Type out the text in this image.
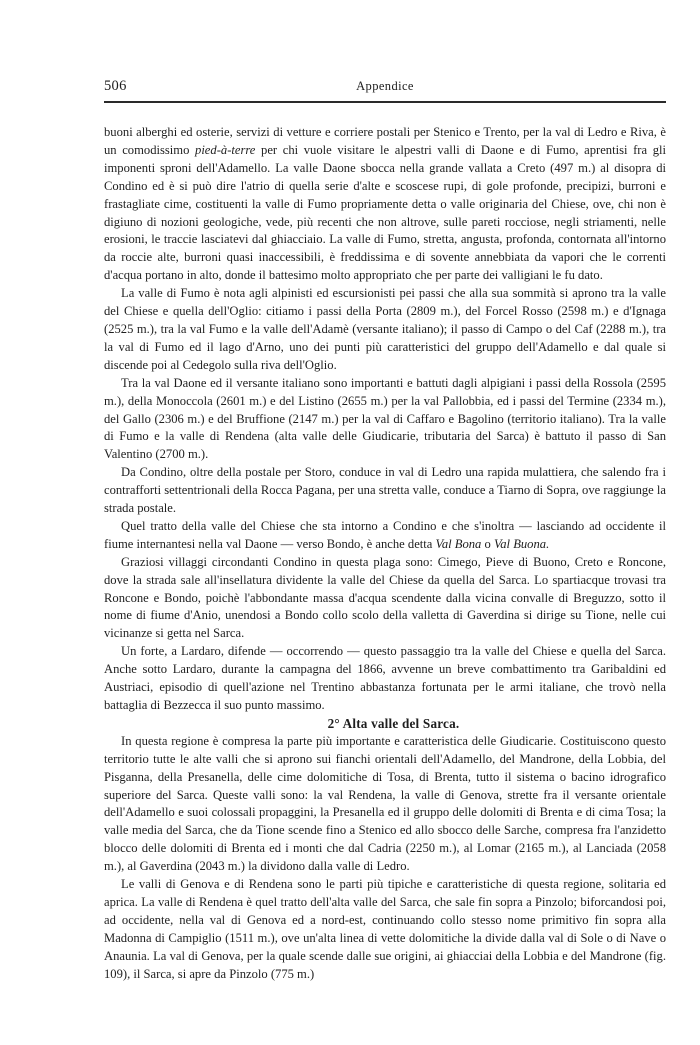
506	Appendice

buoni alberghi ed osterie, servizi di vetture e corriere postali per Stenico e Trento, per la val di Ledro e Riva, è un comodissimo pied-à-terre per chi vuole visitare le alpestri valli di Daone e di Fumo, aprentisi fra gli imponenti sproni dell'Adamello. La valle Daone sbocca nella grande vallata a Creto (497 m.) al disopra di Condino ed è si può dire l'atrio di quella serie d'alte e scoscese rupi, di gole profonde, precipizi, burroni e frastagliate cime, costituenti la valle di Fumo propriamente detta o valle originaria del Chiese, ove, chi non è digiuno di nozioni geologiche, vede, più recenti che non altrove, sulle pareti rocciose, negli striamenti, nelle erosioni, le traccie lasciatevi dal ghiacciaio. La valle di Fumo, stretta, angusta, profonda, contornata all'intorno da roccie alte, burroni quasi inaccessibili, è freddissima e di sovente annebbiata da vapori che le correnti d'acqua portano in alto, donde il battesimo molto appropriato che per parte dei valligiani le fu dato.

La valle di Fumo è nota agli alpinisti ed escursionisti pei passi che alla sua sommità si aprono tra la valle del Chiese e quella dell'Oglio: citiamo i passi della Porta (2809 m.), del Forcel Rosso (2598 m.) e d'Ignaga (2525 m.), tra la val Fumo e la valle dell'Adamè (versante italiano); il passo di Campo o del Caf (2288 m.), tra la val di Fumo ed il lago d'Arno, uno dei punti più caratteristici del gruppo dell'Adamello e dal quale si discende poi al Cedegolo sulla riva dell'Oglio.

Tra la val Daone ed il versante italiano sono importanti e battuti dagli alpigiani i passi della Rossola (2595 m.), della Monoccola (2601 m.) e del Listino (2655 m.) per la val Pallobbia, ed i passi del Termine (2334 m.), del Gallo (2306 m.) e del Bruffione (2147 m.) per la val di Caffaro e Bagolino (territorio italiano). Tra la valle di Fumo e la valle di Rendena (alta valle delle Giudicarie, tributaria del Sarca) è battuto il passo di San Valentino (2700 m.).

Da Condino, oltre della postale per Storo, conduce in val di Ledro una rapida mulattiera, che salendo fra i contrafforti settentrionali della Rocca Pagana, per una stretta valle, conduce a Tiarno di Sopra, ove raggiunge la strada postale.

Quel tratto della valle del Chiese che sta intorno a Condino e che s'inoltra — lasciando ad occidente il fiume internantesi nella val Daone — verso Bondo, è anche detta Val Bona o Val Buona.

Graziosi villaggi circondanti Condino in questa plaga sono: Cimego, Pieve di Buono, Creto e Roncone, dove la strada sale all'insellatura dividente la valle del Chiese da quella del Sarca. Lo spartiacque trovasi tra Roncone e Bondo, poichè l'abbondante massa d'acqua scendente dalla vicina convalle di Breguzzo, sotto il nome di fiume d'Anio, unendosi a Bondo collo scolo della valletta di Gaverdina si dirige su Tione, nelle cui vicinanze si getta nel Sarca.

Un forte, a Lardaro, difende — occorrendo — questo passaggio tra la valle del Chiese e quella del Sarca. Anche sotto Lardaro, durante la campagna del 1866, avvenne un breve combattimento tra Garibaldini ed Austriaci, episodio di quell'azione nel Trentino abbastanza fortunata per le armi italiane, che trovò nella battaglia di Bezzecca il suo punto massimo.

2° Alta valle del Sarca.

In questa regione è compresa la parte più importante e caratteristica delle Giudicarie. Costituiscono questo territorio tutte le alte valli che si aprono sui fianchi orientali dell'Adamello, del Mandrone, della Lobbia, del Pisganna, della Presanella, delle cime dolomitiche di Tosa, di Brenta, tutto il sistema o bacino idrografico superiore del Sarca. Queste valli sono: la val Rendena, la valle di Genova, strette fra il versante orientale dell'Adamello e suoi colossali propaggini, la Presanella ed il gruppo delle dolomiti di Brenta e di cima Tosa; la valle media del Sarca, che da Tione scende fino a Stenico ed allo sbocco delle Sarche, compresa fra l'anzidetto blocco delle dolomiti di Brenta ed i monti che dal Cadria (2250 m.), al Lomar (2165 m.), al Lanciada (2058 m.), al Gaverdina (2043 m.) la dividono dalla valle di Ledro.

Le valli di Genova e di Rendena sono le parti più tipiche e caratteristiche di questa regione, solitaria ed aprica. La valle di Rendena è quel tratto dell'alta valle del Sarca, che sale fin sopra a Pinzolo; biforcandosi poi, ad occidente, nella val di Genova ed a nord-est, continuando collo stesso nome primitivo fin sopra alla Madonna di Campiglio (1511 m.), ove un'alta linea di vette dolomitiche la divide dalla val di Sole o di Nave o Anaunia. La val di Genova, per la quale scende dalle sue origini, ai ghiacciai della Lobbia e del Mandrone (fig. 109), il Sarca, si apre da Pinzolo (775 m.)
